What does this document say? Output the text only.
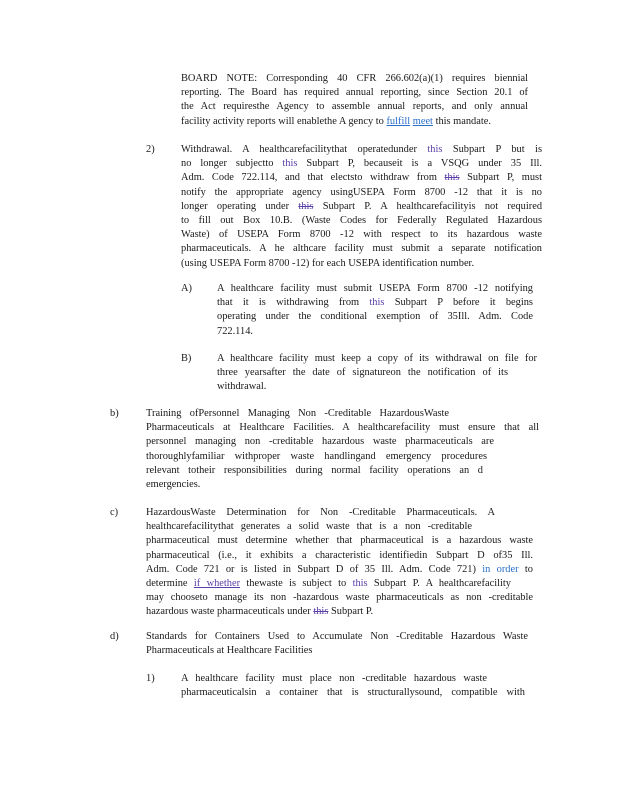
BOARD NOTE: Corresponding 40 CFR 266.602(a)(1) requires biennial
reporting. The Board has required annual reporting, since Section 20.1 of
the Act requiresthe Agency to assemble annual reports, and only annual
facility activity reports will enablethe A gency to fulfill meet this mandate.
2)	Withdrawal. A healthcarefacilitythat operatedunder this Subpart P but is
no longer subjectto this Subpart P, becauseit is a VSQG under 35 Ill.
Adm. Code 722.114, and that electsto withdraw from this Subpart P, must
notify the appropriate agency usingUSEPA Form 8700 -12 that it is no
longer operating under this Subpart P. A healthcarefacilityis not required
to fill out Box 10.B. (Waste Codes for Federally Regulated Hazardous
Waste) of USEPA Form 8700 -12 with respect to its hazardous waste
pharmaceuticals. A he althcare facility must submit a separate notification
(using USEPA Form 8700 -12) for each USEPA identification number.
A) A healthcare facility must submit USEPA Form 8700 -12 notifying
that it is withdrawing from this Subpart P before it begins
operating under the conditional exemption of 35Ill. Adm. Code
722.114.
B) A healthcare facility must keep a copy of its withdrawal on file for
three yearsafter the date of signatureon the notification of its
withdrawal.
b)	Training ofPersonnel Managing Non -Creditable HazardousWaste
Pharmaceuticals at Healthcare Facilities. A healthcarefacility must ensure that all
personnel managing non -creditable hazardous waste pharmaceuticals are
thoroughlyfamiliar withproper waste handlingand emergency procedures
relevant totheir responsibilities during normal facility operations an d
emergencies.
c)	HazardousWaste Determination for Non -Creditable Pharmaceuticals. A
healthcarefacilitythat generates a solid waste that is a non -creditable
pharmaceutical must determine whether that pharmaceutical is a hazardous waste
pharmaceutical (i.e., it exhibits a characteristic identifiedin Subpart D of35 Ill.
Adm. Code 721 or is listed in Subpart D of 35 Ill. Adm. Code 721) in order to
determine if whether thewaste is subject to this Subpart P. A healthcarefacility
may chooseto manage its non -hazardous waste pharmaceuticals as non -creditable
hazardous waste pharmaceuticals under this Subpart P.
d)	Standards for Containers Used to Accumulate Non -Creditable Hazardous Waste
Pharmaceuticals at Healthcare Facilities
1)	A healthcare facility must place non -creditable hazardous waste
pharmaceuticalsin a container that is structurallysound, compatible with
